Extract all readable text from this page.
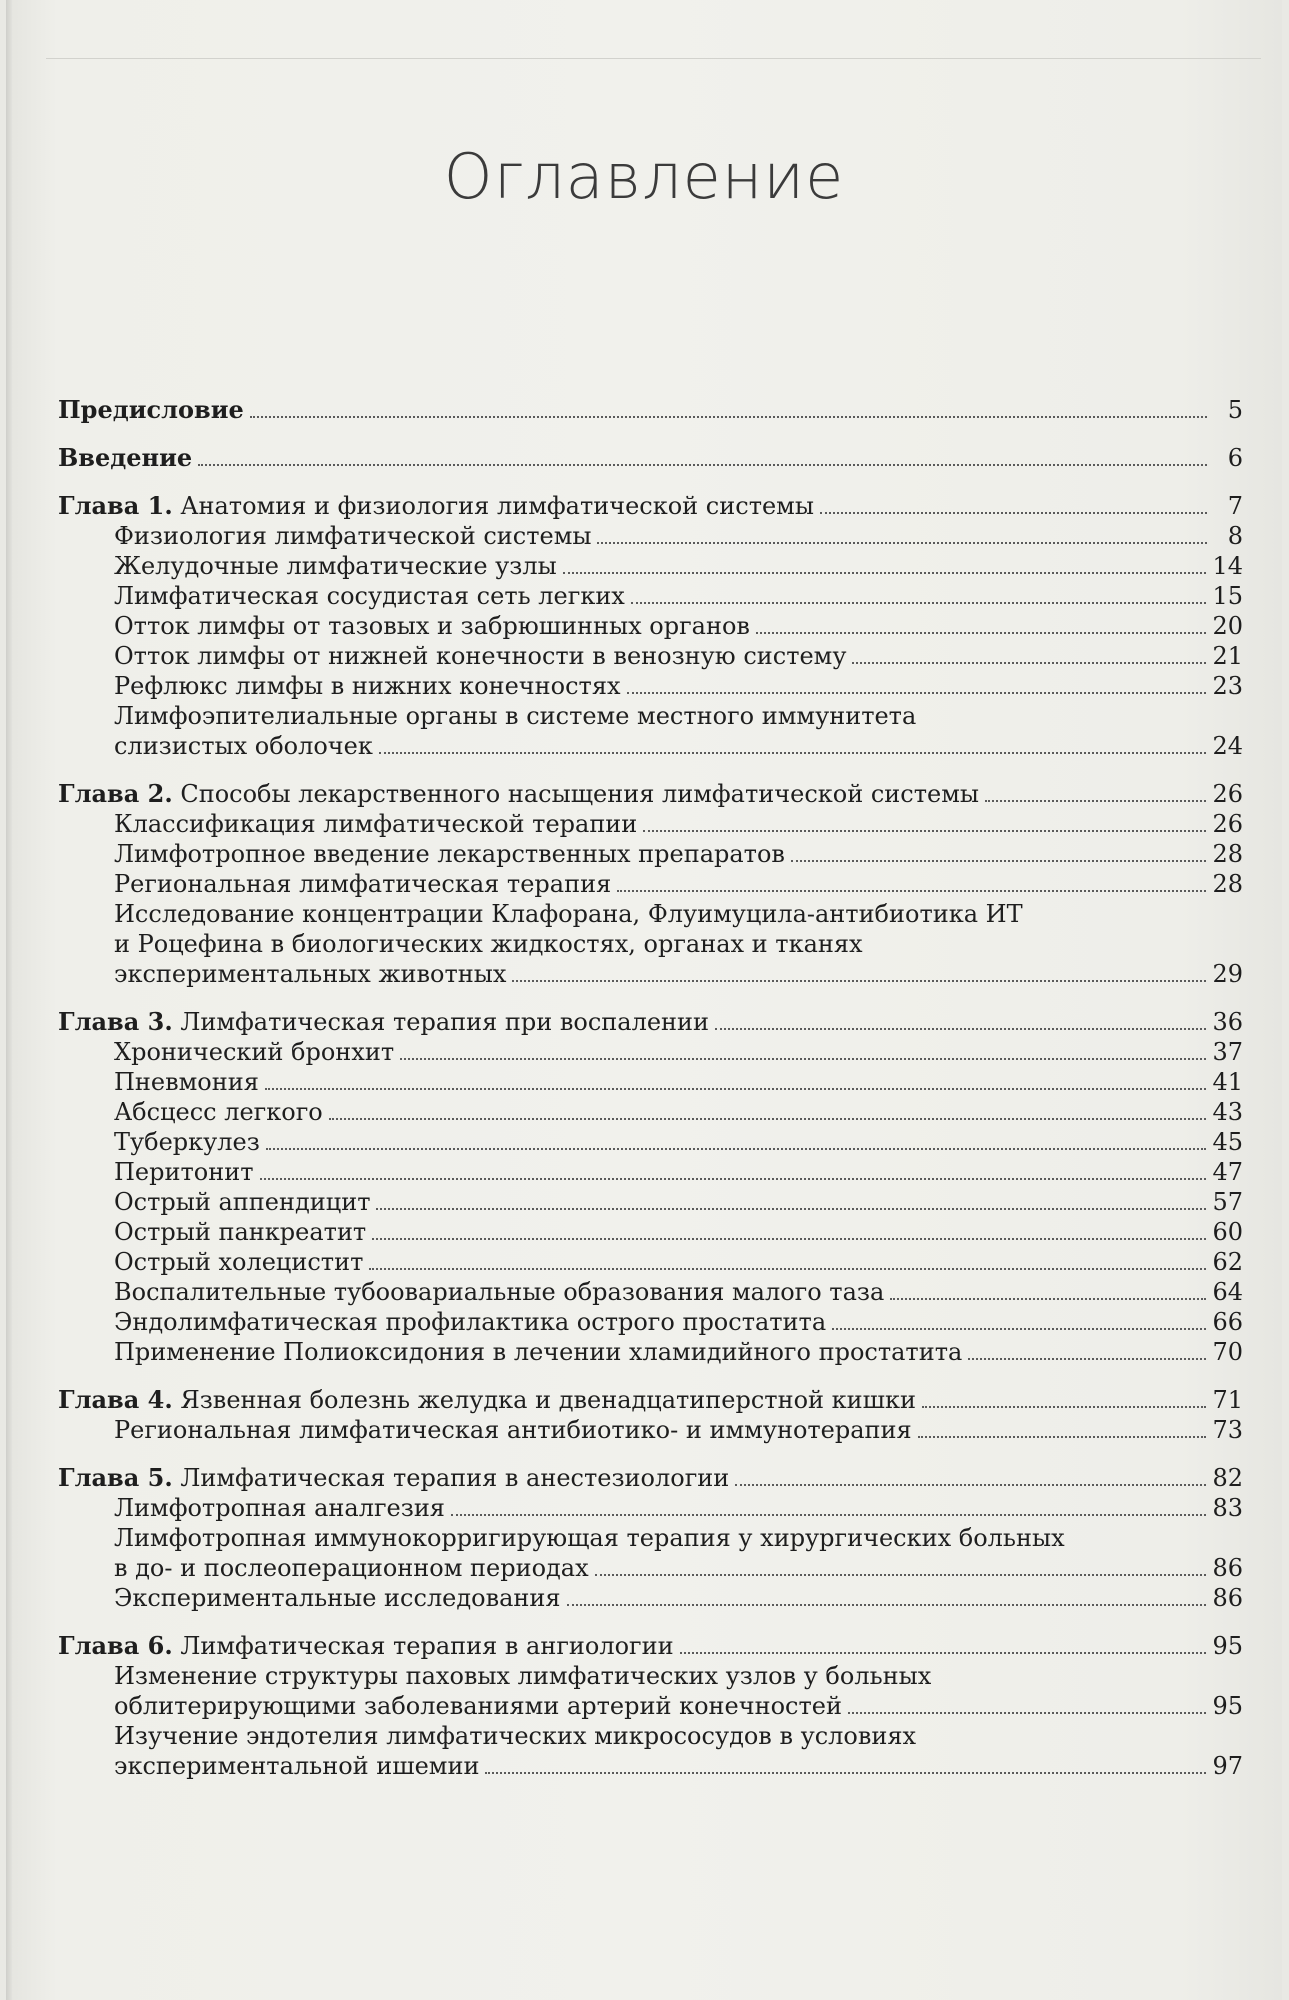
Оглавление
Предисловие	5
Введение	6
Глава 1. Анатомия и физиология лимфатической системы	7
Физиология лимфатической системы	8
Желудочные лимфатические узлы	14
Лимфатическая сосудистая сеть легких	15
Отток лимфы от тазовых и забрюшинных органов	20
Отток лимфы от нижней конечности в венозную систему	21
Рефлюкс лимфы в нижних конечностях	23
Лимфоэпителиальные органы в системе местного иммунитета
слизистых оболочек	24
Глава 2. Способы лекарственного насыщения лимфатической системы	26
Классификация лимфатической терапии	26
Лимфотропное введение лекарственных препаратов	28
Региональная лимфатическая терапия	28
Исследование концентрации Клафорана, Флуимуцила-антибиотика ИТ
и Роцефина в биологических жидкостях, органах и тканях
экспериментальных животных	29
Глава 3. Лимфатическая терапия при воспалении	36
Хронический бронхит	37
Пневмония	41
Абсцесс легкого	43
Туберкулез	45
Перитонит	47
Острый аппендицит	57
Острый панкреатит	60
Острый холецистит	62
Воспалительные тубоовариальные образования малого таза	64
Эндолимфатическая профилактика острого простатита	66
Применение Полиоксидония в лечении хламидийного простатита	70
Глава 4. Язвенная болезнь желудка и двенадцатиперстной кишки	71
Региональная лимфатическая антибиотико- и иммунотерапия	73
Глава 5. Лимфатическая терапия в анестезиологии	82
Лимфотропная аналгезия	83
Лимфотропная иммунокорригирующая терапия у хирургических больных
в до- и послеоперационном периодах	86
Экспериментальные исследования	86
Глава 6. Лимфатическая терапия в ангиологии	95
Изменение структуры паховых лимфатических узлов у больных
облитерирующими заболеваниями артерий конечностей	95
Изучение эндотелия лимфатических микрососудов в условиях
экспериментальной ишемии	97
